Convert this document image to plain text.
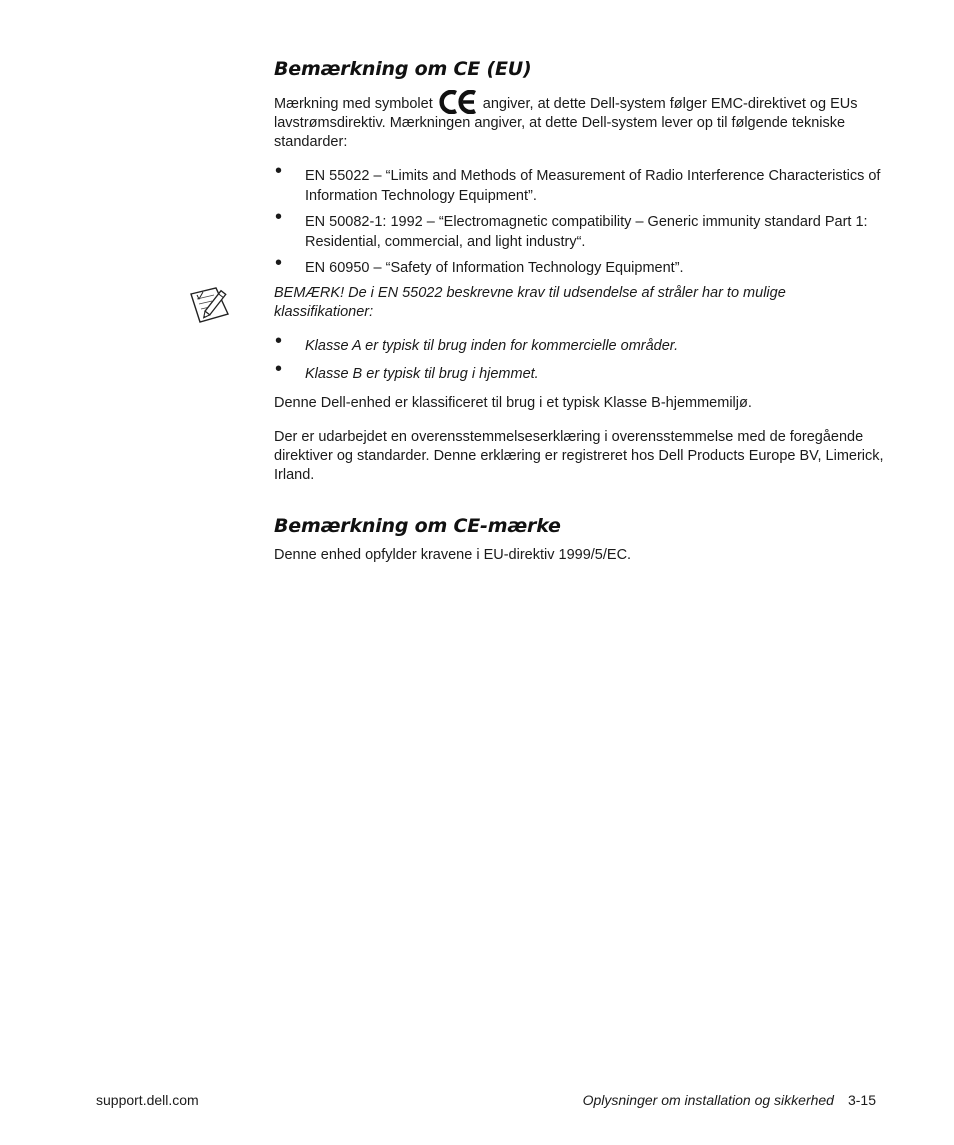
Bemærkning om CE (EU)

Mærkning med symbolet	angiver, at dette Dell-system følger EMC-direktivet og EUs lavstrømsdirektiv. Mærkningen angiver, at dette Dell-system lever op til følgende tekniske standarder:

• EN 55022 – “Limits and Methods of Measurement of Radio Interference Characteristics of Information Technology Equipment”.
• EN 50082-1: 1992 – “Electromagnetic compatibility – Generic immunity standard Part 1: Residential, commercial, and light industry“.
• EN 60950 – “Safety of Information Technology Equipment”.

BEMÆRK! De i EN 55022 beskrevne krav til udsendelse af stråler har to mulige klassifikationer:

• Klasse A er typisk til brug inden for kommercielle områder.
• Klasse B er typisk til brug i hjemmet.

Denne Dell-enhed er klassificeret til brug i et typisk Klasse B-hjemmemiljø.

Der er udarbejdet en overensstemmelseserklæring i overensstemmelse med de foregående direktiver og standarder. Denne erklæring er registreret hos Dell Products Europe BV, Limerick, Irland.

Bemærkning om CE-mærke

Denne enhed opfylder kravene i EU-direktiv 1999/5/EC.

support.dell.com	Oplysninger om installation og sikkerhed 3-15
